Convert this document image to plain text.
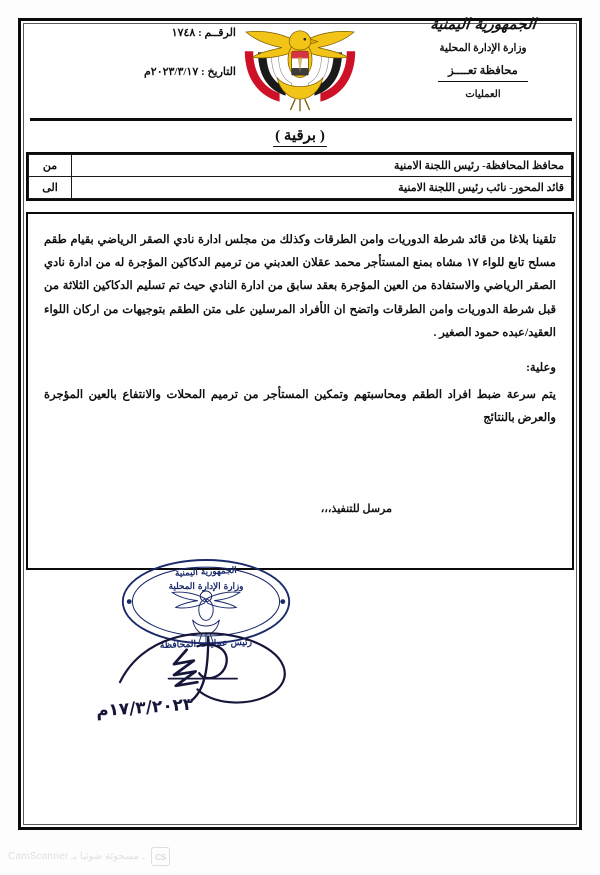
الجمهورية اليمنية
وزارة الإدارة المحلية
محافظة تعــــز
العمليات
الرقــم : ١٧٤٨
التاريخ : ٢٠٢٣/٣/١٧م
( برقية )
محافظ المحافظة- رئيس اللجنة الامنية	من
قائد المحور- نائب رئيس اللجنة الامنية	الى
تلقينا بلاغا من قائد شرطة الدوريات وامن الطرقات وكذلك من مجلس ادارة نادي الصقر الرياضي بقيام طقم مسلح تابع للواء ١٧ مشاه بمنع المستأجر محمد عقلان العدبني من ترميم الدكاكين المؤجرة له من ادارة نادي الصقر الرياضي والاستفادة من العين المؤجرة بعقد سابق من ادارة النادي حيث تم تسليم الدكاكين الثلاثة من قبل شرطة الدوريات وامن الطرقات واتضح ان الأفراد المرسلين على متن الطقم بتوجيهات من اركان اللواء العقيد/عبده حمود الصغير .
وعلية:
يتم سرعة ضبط افراد الطقم ومحاسبتهم وتمكين المستأجر من ترميم المحلات والانتفاع بالعين المؤجرة والعرض بالنتائج
مرسل للتنفيذ،،،
الجمهورية اليمنية
وزارة الإدارة المحلية
رئيس عمليات المحافظة
١٧/٣/٢٠٢٣م
CS
CamScanner ـ مسحوئة ضوئيا بـ
